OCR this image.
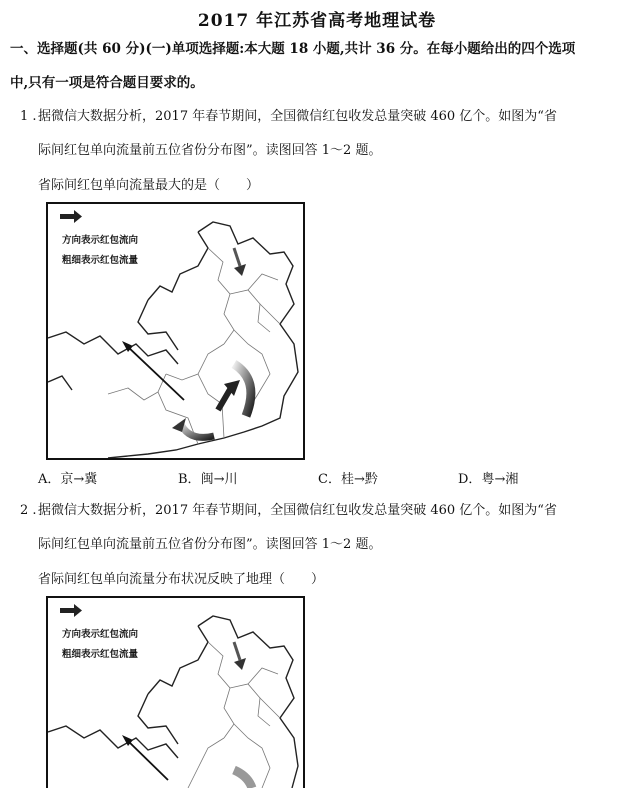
2017 年江苏省高考地理试卷
一、选择题(共 60 分)(一)单项选择题:本大题 18 小题,共计 36 分。在每小题给出的四个选项
中,只有一项是符合题目要求的。
1 .据微信大数据分析，2017 年春节期间，全国微信红包收发总量突破 460 亿个。如图为“省
际间红包单向流量前五位省份分布图”。读图回答 1～2 题。
省际间红包单向流量最大的是（　　）
方向表示红包流向
粗细表示红包流量
A．京→冀	B．闽→川	C．桂→黔	D．粤→湘
2 .据微信大数据分析，2017 年春节期间，全国微信红包收发总量突破 460 亿个。如图为“省
际间红包单向流量前五位省份分布图”。读图回答 1～2 题。
省际间红包单向流量分布状况反映了地理（　　）
方向表示红包流向
粗细表示红包流量
